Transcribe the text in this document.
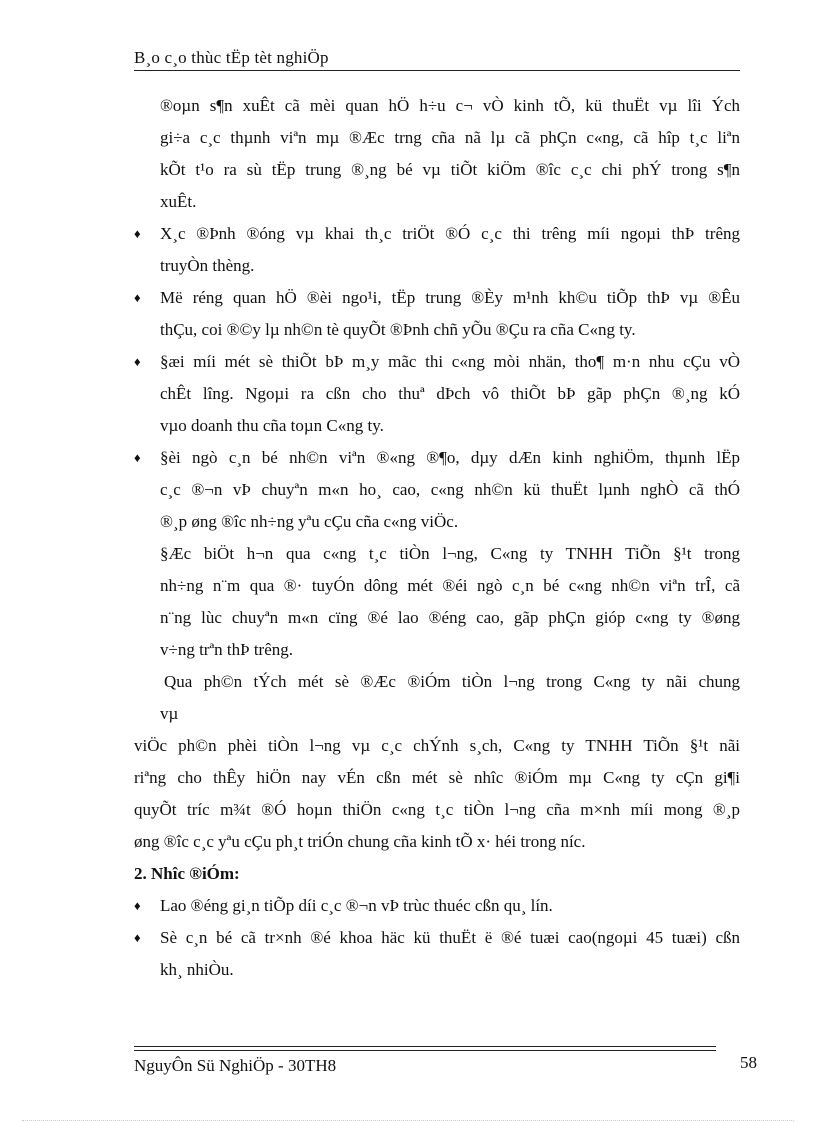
B¸o c¸o thùc tËp tèt nghiÖp
®oµn s¶n xuÊt cã mèi quan hÖ h÷u c¬ vÒ kinh tÕ, kü thuËt vµ lîi Ých
gi÷a c¸c thµnh viªn mµ ®Æc trng cña nã lµ cã phÇn c«ng, cã hîp t¸c liªn
kÕt t¹o ra sù tËp trung ®¸ng bé vµ tiÕt kiÖm ®îc c¸c chi phÝ trong s¶n
xuÊt.
♦	X¸c ®Þnh ®óng vµ khai th¸c triÖt ®Ó c¸c thi trêng míi ngoµi thÞ trêng
truyÒn thèng.
♦	Më réng quan hÖ ®èi ngo¹i, tËp trung ®Èy m¹nh kh©u tiÕp thÞ vµ ®Êu
thÇu, coi ®©y lµ nh©n tè quyÕt ®Þnh chñ yÕu ®Çu ra cña C«ng ty.
♦	§æi míi mét sè thiÕt bÞ m¸y mãc thi c«ng mòi nhän, tho¶ m·n nhu cÇu vÒ
chÊt lîng. Ngoµi ra cßn cho thuª dÞch vô thiÕt bÞ gãp phÇn ®¸ng kÓ
vµo doanh thu cña toµn C«ng ty.
♦	§èi ngò c¸n bé nh©n viªn ®«ng ®¶o, dµy dÆn kinh nghiÖm, thµnh lËp
c¸c ®¬n vÞ chuyªn m«n ho¸ cao, c«ng nh©n kü thuËt lµnh nghÒ cã thÓ
®¸p øng ®îc nh÷ng yªu cÇu cña c«ng viÖc.
§Æc biÖt h¬n qua c«ng t¸c tiÒn l¬ng, C«ng ty TNHH TiÕn §¹t trong
nh÷ng n¨m qua ®· tuyÓn dông mét ®éi ngò c¸n bé c«ng nh©n viªn trÎ, cã
n¨ng lùc chuyªn m«n cïng ®é lao ®éng cao, gãp phÇn gióp c«ng ty ®øng
v÷ng trªn thÞ trêng.
Qua ph©n tÝch mét sè ®Æc ®iÓm tiÒn l¬ng trong C«ng ty nãi chung
vµ
viÖc ph©n phèi tiÒn l¬ng vµ c¸c chÝnh s¸ch, C«ng ty TNHH TiÕn §¹t nãi
riªng cho thÊy hiÖn nay vÉn cßn mét sè nhîc ®iÓm mµ C«ng ty cÇn gi¶i
quyÕt tríc m¾t ®Ó hoµn thiÖn c«ng t¸c tiÒn l¬ng cña m×nh míi mong ®¸p
øng ®îc c¸c yªu cÇu ph¸t triÓn chung cña kinh tÕ x· héi trong níc.
2. Nhîc ®iÓm:
♦	Lao ®éng gi¸n tiÕp díi c¸c ®¬n vÞ trùc thuéc cßn qu¸ lín.
♦	Sè c¸n bé cã tr×nh ®é khoa häc kü thuËt ë ®é tuæi cao(ngoµi 45 tuæi) cßn
kh¸ nhiÒu.
NguyÔn Sü NghiÖp - 30TH8	58
